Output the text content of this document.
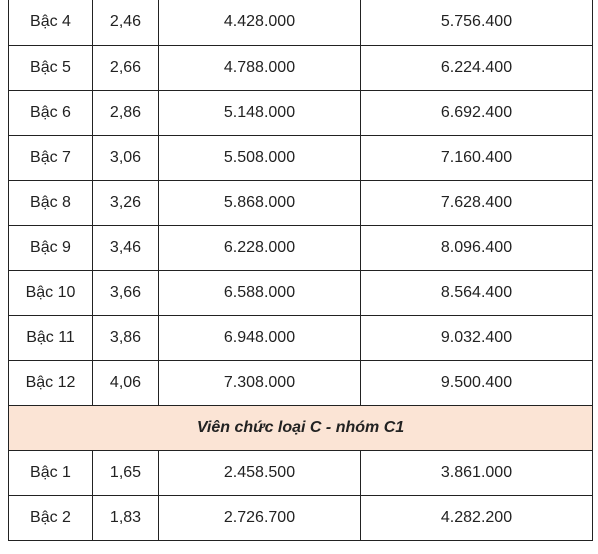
Bậc 4	2,46	4.428.000	5.756.400
Bậc 5	2,66	4.788.000	6.224.400
Bậc 6	2,86	5.148.000	6.692.400
Bậc 7	3,06	5.508.000	7.160.400
Bậc 8	3,26	5.868.000	7.628.400
Bậc 9	3,46	6.228.000	8.096.400
Bậc 10	3,66	6.588.000	8.564.400
Bậc 11	3,86	6.948.000	9.032.400
Bậc 12	4,06	7.308.000	9.500.400
Viên chức loại C - nhóm C1			
Bậc 1	1,65	2.458.500	3.861.000
Bậc 2	1,83	2.726.700	4.282.200
